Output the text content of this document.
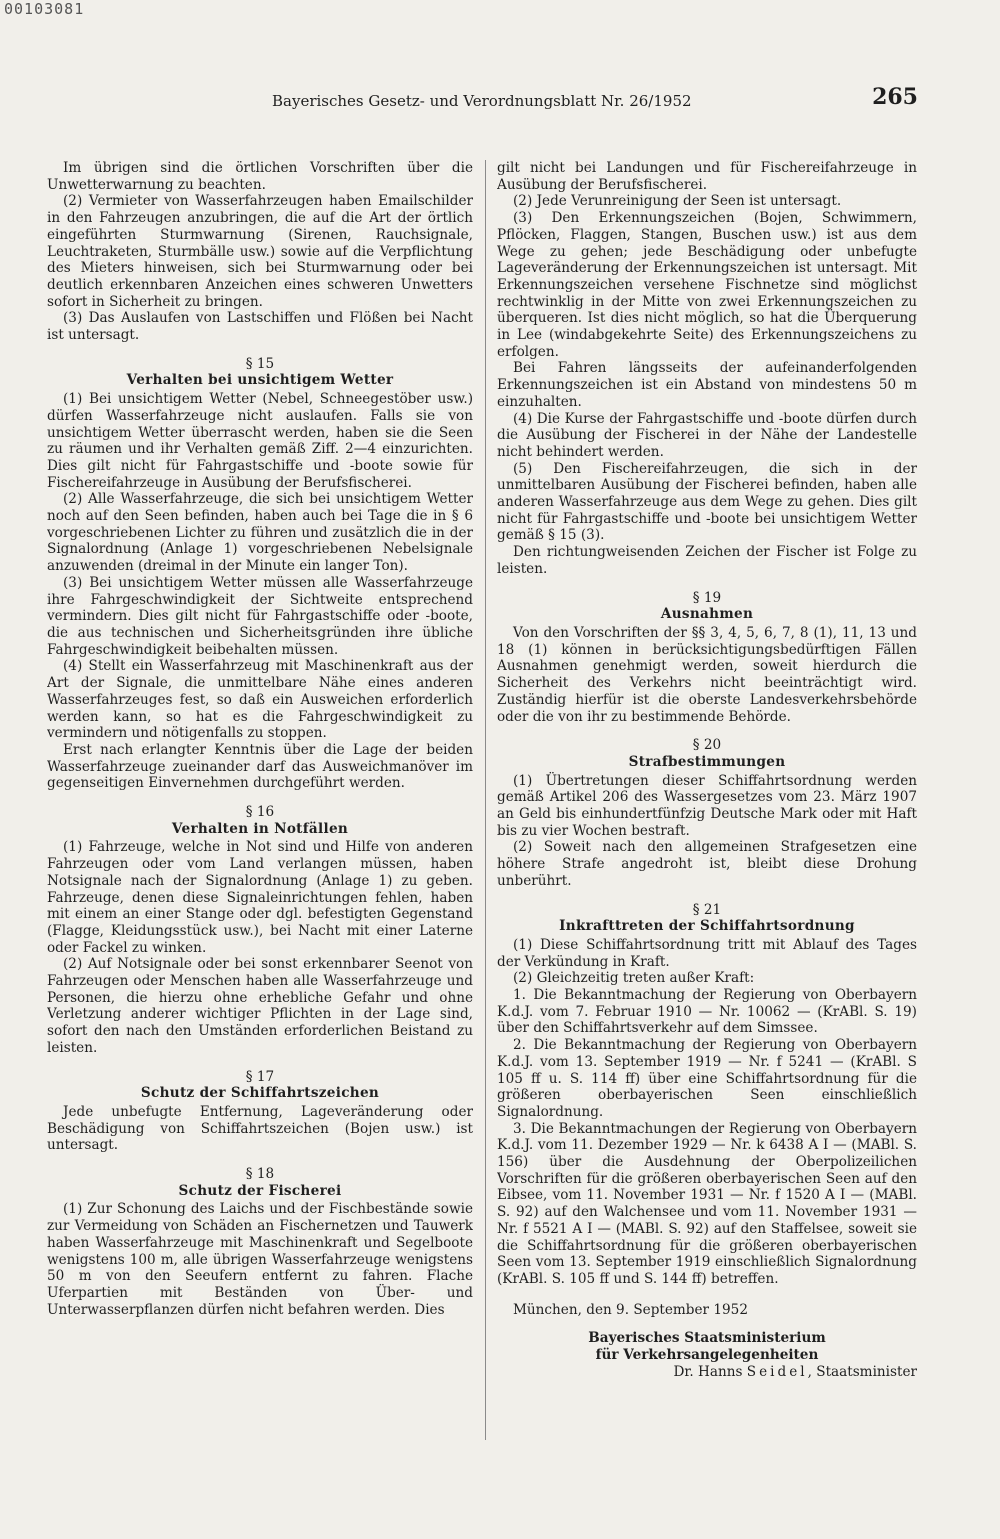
00103081
Bayerisches Gesetz- und Verordnungsblatt Nr. 26/1952	265

Im übrigen sind die örtlichen Vorschriften über die Unwetterwarnung zu beachten.

(2) Vermieter von Wasserfahrzeugen haben Emailschilder in den Fahrzeugen anzubringen, die auf die Art der örtlich eingeführten Sturmwarnung (Sirenen, Rauchsignale, Leuchtraketen, Sturmbälle usw.) sowie auf die Verpflichtung des Mieters hinweisen, sich bei Sturmwarnung oder bei deutlich erkennbaren Anzeichen eines schweren Unwetters sofort in Sicherheit zu bringen.

(3) Das Auslaufen von Lastschiffen und Flößen bei Nacht ist untersagt.

§ 15

Verhalten bei unsichtigem Wetter

(1) Bei unsichtigem Wetter (Nebel, Schneegestöber usw.) dürfen Wasserfahrzeuge nicht auslaufen. Falls sie von unsichtigem Wetter überrascht werden, haben sie die Seen zu räumen und ihr Verhalten gemäß Ziff. 2—4 einzurichten. Dies gilt nicht für Fahrgastschiffe und -boote sowie für Fischereifahrzeuge in Ausübung der Berufsfischerei.

(2) Alle Wasserfahrzeuge, die sich bei unsichtigem Wetter noch auf den Seen befinden, haben auch bei Tage die in § 6 vorgeschriebenen Lichter zu führen und zusätzlich die in der Signalordnung (Anlage 1) vorgeschriebenen Nebelsignale anzuwenden (dreimal in der Minute ein langer Ton).

(3) Bei unsichtigem Wetter müssen alle Wasserfahrzeuge ihre Fahrgeschwindigkeit der Sichtweite entsprechend vermindern. Dies gilt nicht für Fahrgastschiffe oder -boote, die aus technischen und Sicherheitsgründen ihre übliche Fahrgeschwindigkeit beibehalten müssen.

(4) Stellt ein Wasserfahrzeug mit Maschinenkraft aus der Art der Signale, die unmittelbare Nähe eines anderen Wasserfahrzeuges fest, so daß ein Ausweichen erforderlich werden kann, so hat es die Fahrgeschwindigkeit zu vermindern und nötigenfalls zu stoppen.

Erst nach erlangter Kenntnis über die Lage der beiden Wasserfahrzeuge zueinander darf das Ausweichmanöver im gegenseitigen Einvernehmen durchgeführt werden.

§ 16

Verhalten in Notfällen

(1) Fahrzeuge, welche in Not sind und Hilfe von anderen Fahrzeugen oder vom Land verlangen müssen, haben Notsignale nach der Signalordnung (Anlage 1) zu geben. Fahrzeuge, denen diese Signaleinrichtungen fehlen, haben mit einem an einer Stange oder dgl. befestigten Gegenstand (Flagge, Kleidungsstück usw.), bei Nacht mit einer Laterne oder Fackel zu winken.

(2) Auf Notsignale oder bei sonst erkennbarer Seenot von Fahrzeugen oder Menschen haben alle Wasserfahrzeuge und Personen, die hierzu ohne erhebliche Gefahr und ohne Verletzung anderer wichtiger Pflichten in der Lage sind, sofort den nach den Umständen erforderlichen Beistand zu leisten.

§ 17

Schutz der Schiffahrtszeichen

Jede unbefugte Entfernung, Lageveränderung oder Beschädigung von Schiffahrtszeichen (Bojen usw.) ist untersagt.

§ 18

Schutz der Fischerei

(1) Zur Schonung des Laichs und der Fischbestände sowie zur Vermeidung von Schäden an Fischernetzen und Tauwerk haben Wasserfahrzeuge mit Maschinenkraft und Segelboote wenigstens 100 m, alle übrigen Wasserfahrzeuge wenigstens 50 m von den Seeufern entfernt zu fahren. Flache Uferpartien mit Beständen von Über- und Unterwasserpflanzen dürfen nicht befahren werden. Dies

gilt nicht bei Landungen und für Fischereifahrzeuge in Ausübung der Berufsfischerei.

(2) Jede Verunreinigung der Seen ist untersagt.

(3) Den Erkennungszeichen (Bojen, Schwimmern, Pflöcken, Flaggen, Stangen, Buschen usw.) ist aus dem Wege zu gehen; jede Beschädigung oder unbefugte Lageveränderung der Erkennungszeichen ist untersagt. Mit Erkennungszeichen versehene Fischnetze sind möglichst rechtwinklig in der Mitte von zwei Erkennungszeichen zu überqueren. Ist dies nicht möglich, so hat die Überquerung in Lee (windabgekehrte Seite) des Erkennungszeichens zu erfolgen.

Bei Fahren längsseits der aufeinanderfolgenden Erkennungszeichen ist ein Abstand von mindestens 50 m einzuhalten.

(4) Die Kurse der Fahrgastschiffe und -boote dürfen durch die Ausübung der Fischerei in der Nähe der Landestelle nicht behindert werden.

(5) Den Fischereifahrzeugen, die sich in der unmittelbaren Ausübung der Fischerei befinden, haben alle anderen Wasserfahrzeuge aus dem Wege zu gehen. Dies gilt nicht für Fahrgastschiffe und -boote bei unsichtigem Wetter gemäß § 15 (3).

Den richtungweisenden Zeichen der Fischer ist Folge zu leisten.

§ 19

Ausnahmen

Von den Vorschriften der §§ 3, 4, 5, 6, 7, 8 (1), 11, 13 und 18 (1) können in berücksichtigungsbedürftigen Fällen Ausnahmen genehmigt werden, soweit hierdurch die Sicherheit des Verkehrs nicht beeinträchtigt wird. Zuständig hierfür ist die oberste Landesverkehrsbehörde oder die von ihr zu bestimmende Behörde.

§ 20

Strafbestimmungen

(1) Übertretungen dieser Schiffahrtsordnung werden gemäß Artikel 206 des Wassergesetzes vom 23. März 1907 an Geld bis einhundertfünfzig Deutsche Mark oder mit Haft bis zu vier Wochen bestraft.

(2) Soweit nach den allgemeinen Strafgesetzen eine höhere Strafe angedroht ist, bleibt diese Drohung unberührt.

§ 21

Inkrafttreten der Schiffahrtsordnung

(1) Diese Schiffahrtsordnung tritt mit Ablauf des Tages der Verkündung in Kraft.

(2) Gleichzeitig treten außer Kraft:

1. Die Bekanntmachung der Regierung von Oberbayern K.d.J. vom 7. Februar 1910 — Nr. 10062 — (KrABl. S. 19) über den Schiffahrtsverkehr auf dem Simssee.

2. Die Bekanntmachung der Regierung von Oberbayern K.d.J. vom 13. September 1919 — Nr. f 5241 — (KrABl. S 105 ff u. S. 114 ff) über eine Schiffahrtsordnung für die größeren oberbayerischen Seen einschließlich Signalordnung.

3. Die Bekanntmachungen der Regierung von Oberbayern K.d.J. vom 11. Dezember 1929 — Nr. k 6438 A I — (MABl. S. 156) über die Ausdehnung der Oberpolizeilichen Vorschriften für die größeren oberbayerischen Seen auf den Eibsee, vom 11. November 1931 — Nr. f 1520 A I — (MABl. S. 92) auf den Walchensee und vom 11. November 1931 — Nr. f 5521 A I — (MABl. S. 92) auf den Staffelsee, soweit sie die Schiffahrtsordnung für die größeren oberbayerischen Seen vom 13. September 1919 einschließlich Signalordnung (KrABl. S. 105 ff und S. 144 ff) betreffen.

München, den 9. September 1952

Bayerisches Staatsministerium

für Verkehrsangelegenheiten

Dr. Hanns Seidel, Staatsminister
